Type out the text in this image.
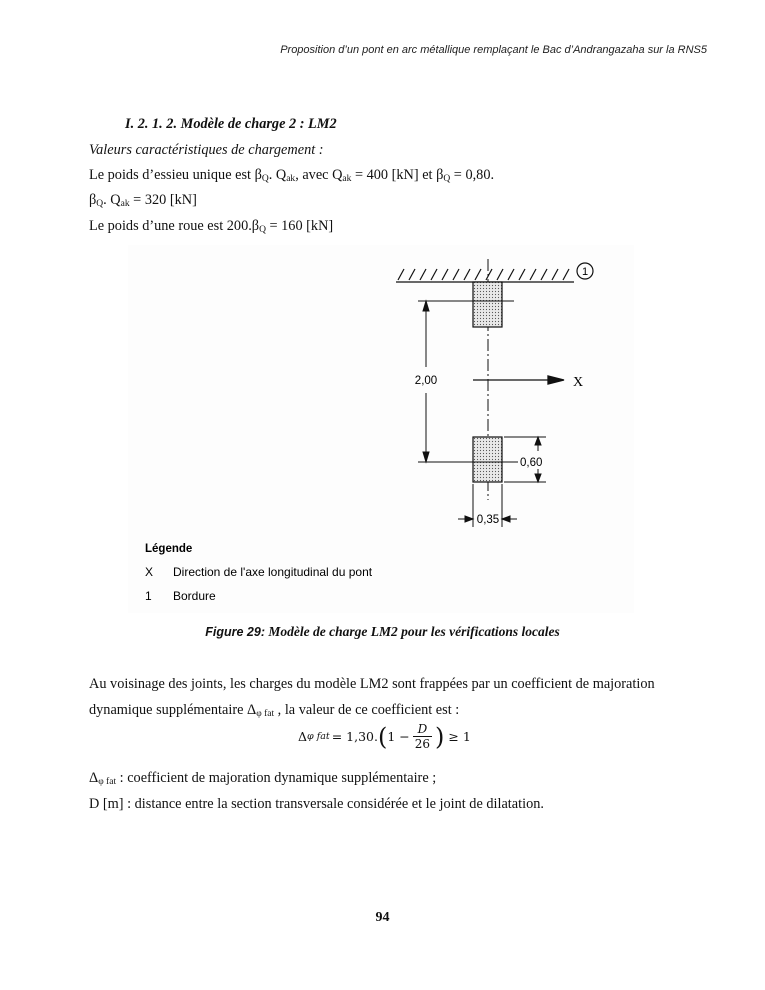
Proposition d’un pont en arc métallique remplaçant le Bac d’Andrangazaha sur la RNS5
I. 2. 1. 2. Modèle de charge 2 : LM2
Valeurs caractéristiques de chargement :
Le poids d’essieu unique est $\beta_Q$. $Q_{ak}$, avec $Q_{ak} = 400$ [kN] et $\beta_Q = 0,80$.
$\beta_Q$. $Q_{ak} = 320$ [kN]
Le poids d’une roue est $200.\beta_Q = 160$ [kN]
1
2,00	X
0,60
0,35
Légende
X Direction de l'axe longitudinal du pont
1 Bordure
Figure 29: Modèle de charge LM2 pour les vérifications locales
Au voisinage des joints, les charges du modèle LM2 sont frappées par un coefficient de majoration
dynamique supplémentaire $\Delta_{\varphi fat}$ , la valeur de ce coefficient est :
Δ φ fat = 1,30. ( $1 - \frac{D}{26}$ ) ≥ 1
$\Delta_{\varphi fat}$ : coefficient de majoration dynamique supplémentaire ;
D [m] : distance entre la section transversale considérée et le joint de dilatation.
94
